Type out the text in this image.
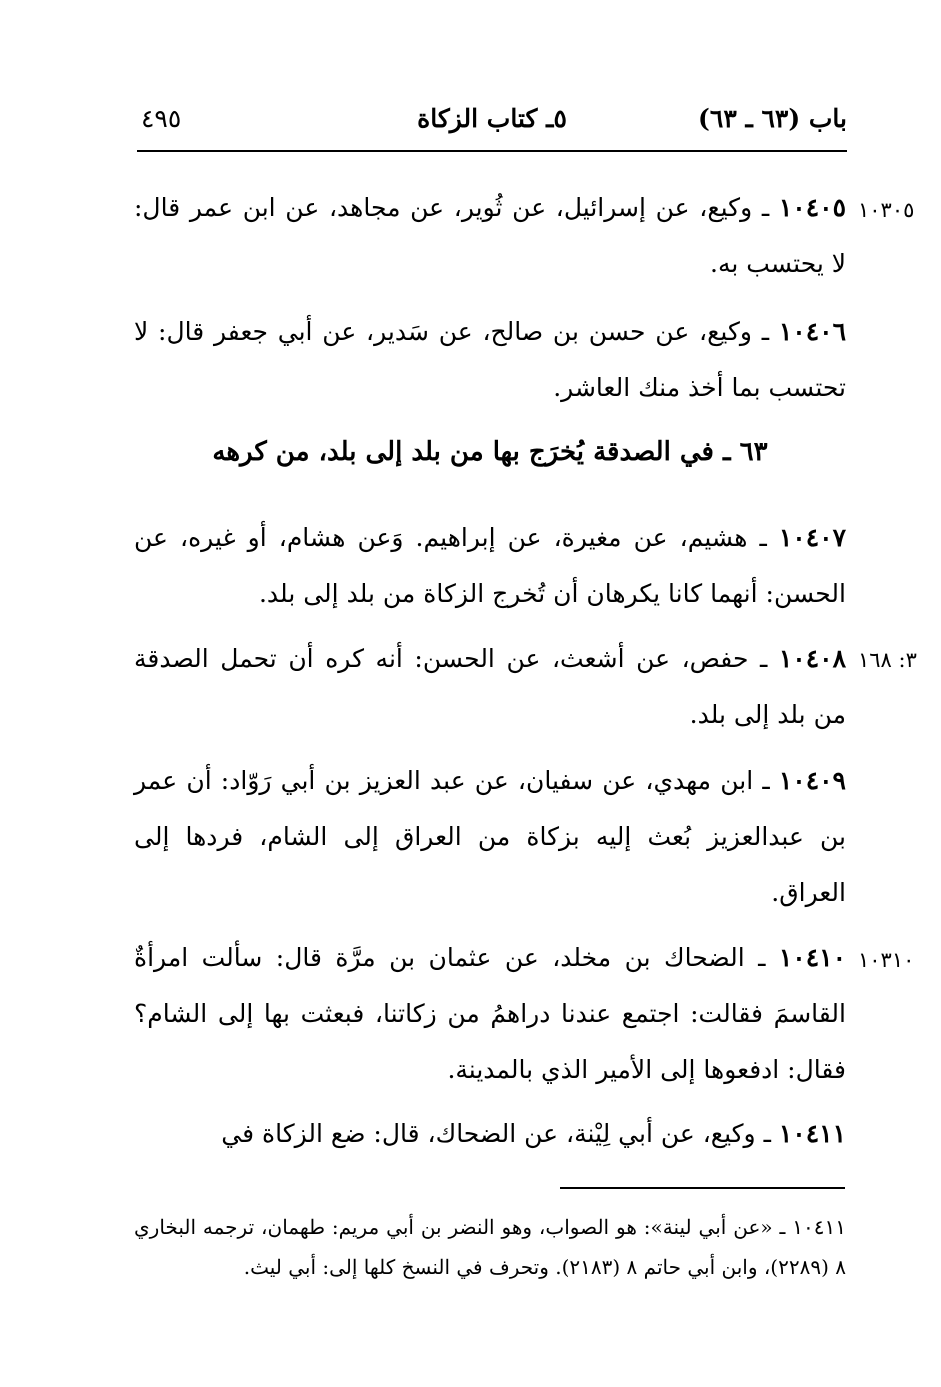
باب (٦٣ ـ ٦٣)
٥ـ كتاب الزكاة
٤٩٥
١٠٣٠٥
١٠٤٠٥ ـ وكيع، عن إسرائيل، عن ثُوير، عن مجاهد، عن ابن عمر قال: لا يحتسب به.
١٠٤٠٦ ـ وكيع، عن حسن بن صالح، عن سَدير، عن أبي جعفر قال: لا تحتسب بما أخذ منك العاشر.
٦٣ ـ في الصدقة يُخرَج بها من بلد إلى بلد، من كرهه
١٠٤٠٧ ـ هشيم، عن مغيرة، عن إبراهيم. وَعن هشام، أو غيره، عن الحسن: أنهما كانا يكرهان أن تُخرج الزكاة من بلد إلى بلد.
٣: ١٦٨
١٠٤٠٨ ـ حفص، عن أشعث، عن الحسن: أنه كره أن تحمل الصدقة من بلد إلى بلد.
١٠٤٠٩ ـ ابن مهدي، عن سفيان، عن عبد العزيز بن أبي رَوّاد: أن عمر بن عبدالعزيز بُعث إليه بزكاة من العراق إلى الشام، فردها إلى العراق.
١٠٣١٠
١٠٤١٠ ـ الضحاك بن مخلد، عن عثمان بن مرَّة قال: سألت امرأةٌ القاسمَ فقالت: اجتمع عندنا دراهمُ من زكاتنا، فبعثت بها إلى الشام؟ فقال: ادفعوها إلى الأمير الذي بالمدينة.
١٠٤١١ ـ وكيع، عن أبي لِيْنة، عن الضحاك، قال: ضع الزكاة في
١٠٤١١ ـ «عن أبي لينة»: هو الصواب، وهو النضر بن أبي مريم: طهمان، ترجمه البخاري ٨ (٢٢٨٩)، وابن أبي حاتم ٨ (٢١٨٣). وتحرف في النسخ كلها إلى: أبي ليث.
